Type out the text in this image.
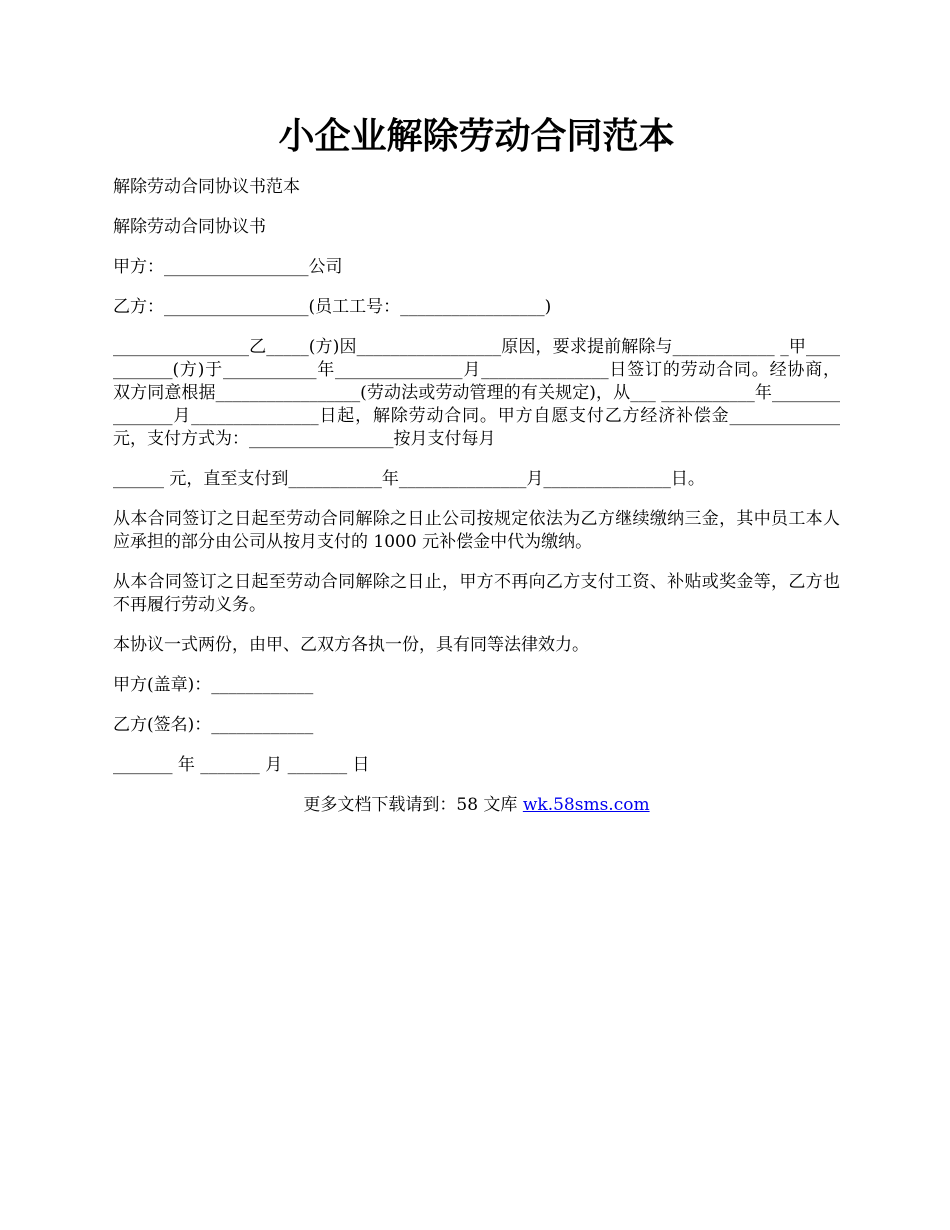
小企业解除劳动合同范本

解除劳动合同协议书范本

解除劳动合同协议书

甲方：_________________公司

乙方：_________________(员工工号：_________________)

________________乙_____(方)因_________________原因，要求提前解除与____________ _甲___________(方)于___________年_______________月_______________日签订的劳动合同。经协商，双方同意根据_________________(劳动法或劳动管理的有关规定)，从___ ___________年_______________月_______________日起，解除劳动合同。甲方自愿支付乙方经济补偿金_____________元，支付方式为：_________________按月支付每月

______ 元，直至支付到___________年_______________月_______________日。

从本合同签订之日起至劳动合同解除之日止公司按规定依法为乙方继续缴纳三金，其中员工本人应承担的部分由公司从按月支付的 1000 元补偿金中代为缴纳。

从本合同签订之日起至劳动合同解除之日止，甲方不再向乙方支付工资、补贴或奖金等，乙方也不再履行劳动义务。

本协议一式两份，由甲、乙双方各执一份，具有同等法律效力。

甲方(盖章)：____________

乙方(签名)：____________

_______ 年 _______ 月 _______ 日

更多文档下载请到：58 文库 wk.58sms.com
